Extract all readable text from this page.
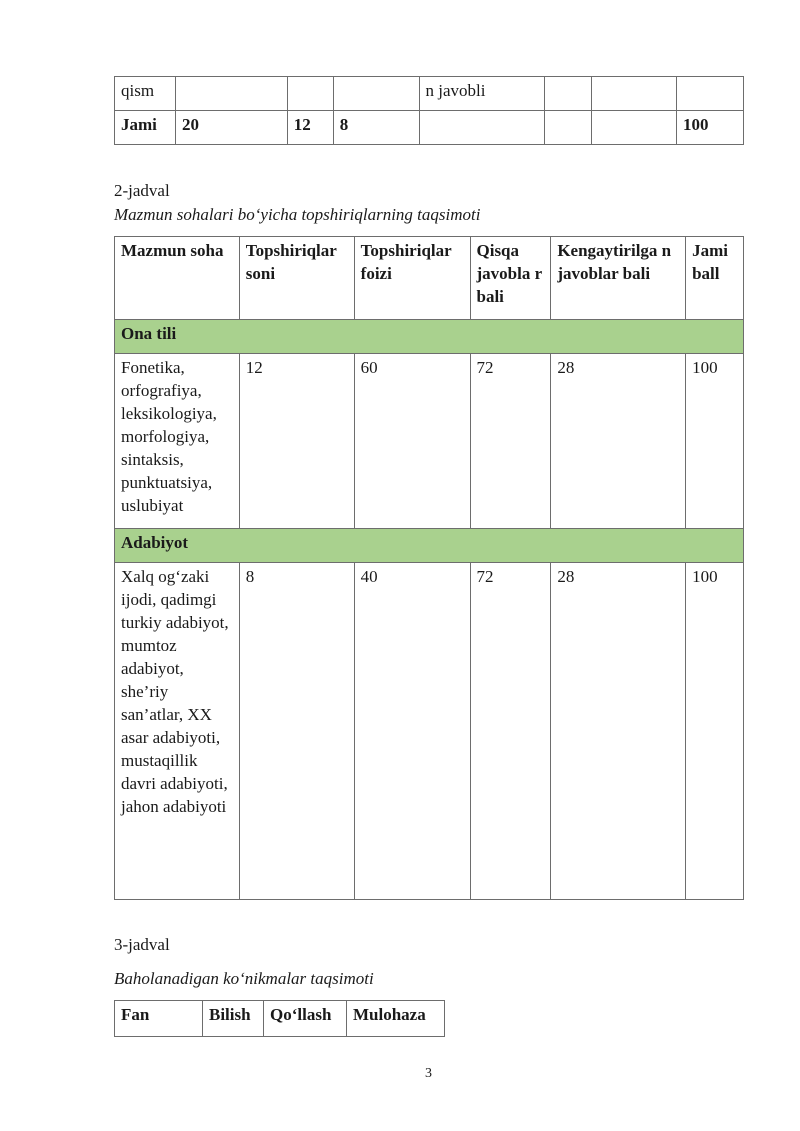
qism				n javobli			
Jami	20	12	8				100
2-jadval
Mazmun sohalari bo‘yicha topshiriqlarning taqsimoti
Mazmun soha	Topshiriqlar soni	Topshiriqlar foizi	Qisqa javobla r bali	Kengaytirilga n javoblar bali	Jami ball
Ona tili					
Fonetika, orfografiya, leksikologiya, morfologiya, sintaksis, punktuatsiya, uslubiyat	12	60	72	28	100
Adabiyot					
Xalq og‘zaki ijodi, qadimgi turkiy adabiyot, mumtoz adabiyot, she’riy san’atlar, XX asar adabiyoti, mustaqillik davri adabiyoti, jahon adabiyoti	8	40	72	28	100
3-jadval
Baholanadigan ko‘nikmalar taqsimoti
Fan	Bilish	Qo‘llash	Mulohaza
3
